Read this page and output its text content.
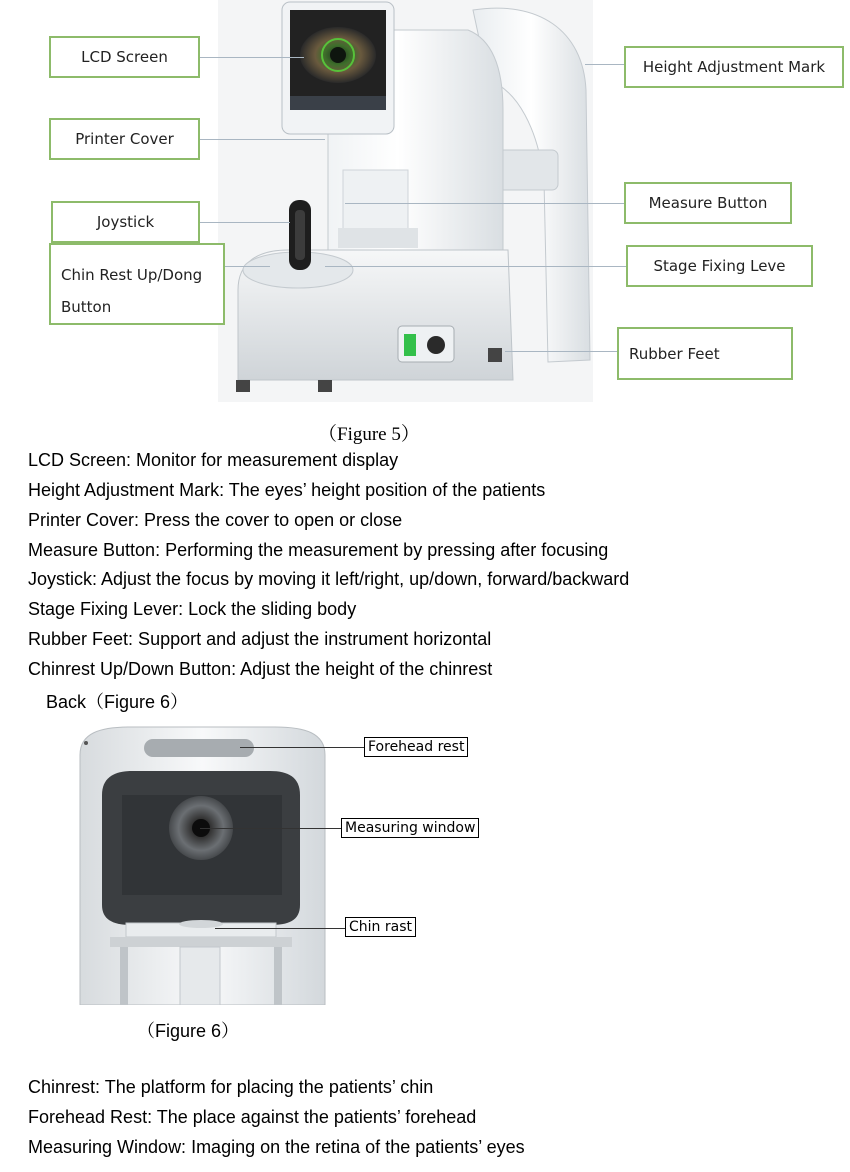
LCD Screen
Printer Cover
Joystick
Chin Rest Up/Dong
Button
Height Adjustment Mark
Measure Button
Stage Fixing Leve
Rubber Feet
（Figure 5）
LCD Screen: Monitor for measurement display
Height Adjustment Mark: The eyes’ height position of the patients
Printer Cover: Press the cover to open or close
Measure Button: Performing the measurement by pressing after focusing
Joystick: Adjust the focus by moving it left/right, up/down, forward/backward
Stage Fixing Lever: Lock the sliding body
Rubber Feet: Support and adjust the instrument horizontal
Chinrest Up/Down Button: Adjust the height of the chinrest
Back（Figure 6）
Forehead rest
Measuring window
Chin rast
（Figure 6）
Chinrest: The platform for placing the patients’ chin
Forehead Rest: The place against the patients’ forehead
Measuring Window: Imaging on the retina of the patients’ eyes
